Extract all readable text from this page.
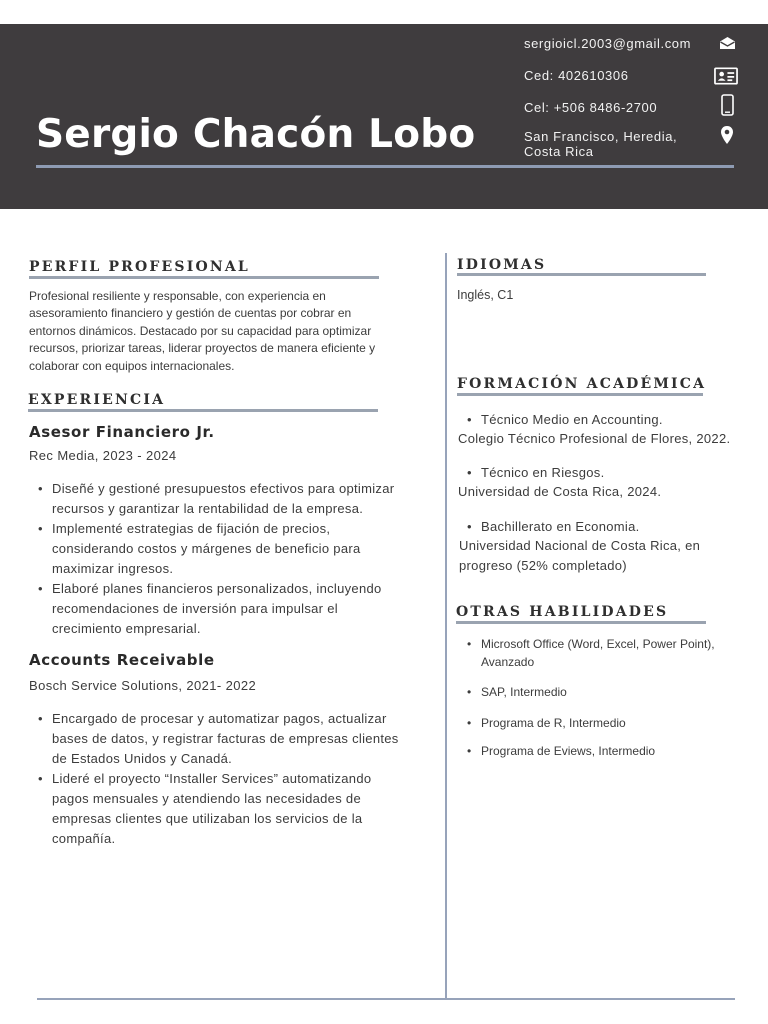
Sergio Chacón Lobo
sergioicl.2003@gmail.com
Ced: 402610306
Cel: +506 8486-2700
San Francisco, Heredia,
Costa Rica
PERFIL PROFESIONAL
Profesional resiliente y responsable, con experiencia en
asesoramiento financiero y gestión de cuentas por cobrar en
entornos dinámicos. Destacado por su capacidad para optimizar
recursos, priorizar tareas, liderar proyectos de manera eficiente y
colaborar con equipos internacionales.
EXPERIENCIA
Asesor Financiero Jr.
Rec Media, 2023 - 2024
• Diseñé y gestioné presupuestos efectivos para optimizar
recursos y garantizar la rentabilidad de la empresa.
• Implementé estrategias de fijación de precios,
considerando costos y márgenes de beneficio para
maximizar ingresos.
• Elaboré planes financieros personalizados, incluyendo
recomendaciones de inversión para impulsar el
crecimiento empresarial.
Accounts Receivable
Bosch Service Solutions, 2021- 2022
• Encargado de procesar y automatizar pagos, actualizar
bases de datos, y registrar facturas de empresas clientes
de Estados Unidos y Canadá.
• Lideré el proyecto “Installer Services” automatizando
pagos mensuales y atendiendo las necesidades de
empresas clientes que utilizaban los servicios de la
compañía.
IDIOMAS
Inglés, C1
FORMACIÓN ACADÉMICA
• Técnico Medio en Accounting.
Colegio Técnico Profesional de Flores, 2022.
• Técnico en Riesgos.
Universidad de Costa Rica, 2024.
• Bachillerato en Economia.
Universidad Nacional de Costa Rica, en
progreso (52% completado)
OTRAS HABILIDADES
• Microsoft Office (Word, Excel, Power Point),
Avanzado
• SAP, Intermedio
• Programa de R, Intermedio
• Programa de Eviews, Intermedio
